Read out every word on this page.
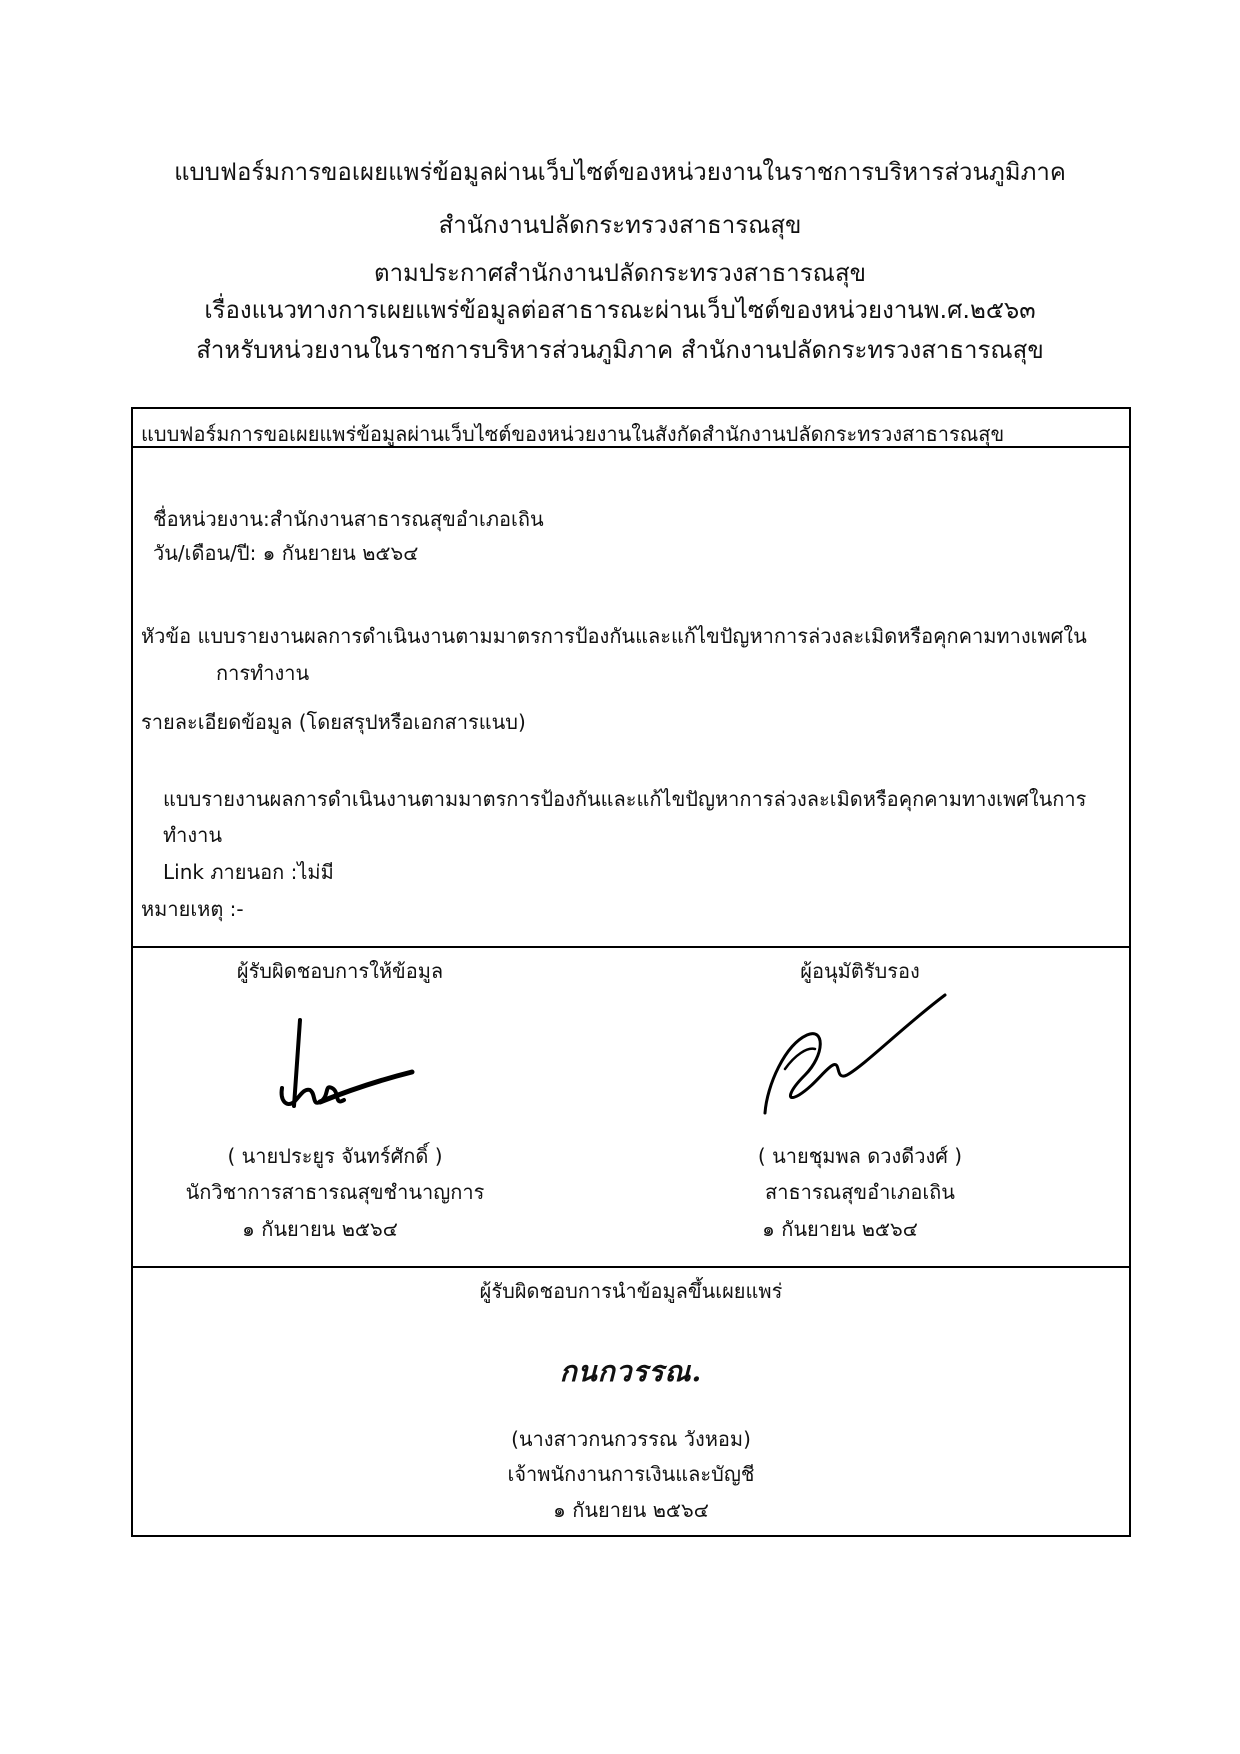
แบบฟอร์มการขอเผยแพร่ข้อมูลผ่านเว็บไซต์ของหน่วยงานในราชการบริหารส่วนภูมิภาค
สำนักงานปลัดกระทรวงสาธารณสุข
ตามประกาศสำนักงานปลัดกระทรวงสาธารณสุข
เรื่องแนวทางการเผยแพร่ข้อมูลต่อสาธารณะผ่านเว็บไซต์ของหน่วยงานพ.ศ.๒๕๖๓
สำหรับหน่วยงานในราชการบริหารส่วนภูมิภาค สำนักงานปลัดกระทรวงสาธารณสุข
แบบฟอร์มการขอเผยแพร่ข้อมูลผ่านเว็บไซต์ของหน่วยงานในสังกัดสำนักงานปลัดกระทรวงสาธารณสุข
ชื่อหน่วยงาน:สำนักงานสาธารณสุขอำเภอเถิน
วัน/เดือน/ปี: ๑ กันยายน ๒๕๖๔
หัวข้อ แบบรายงานผลการดำเนินงานตามมาตรการป้องกันและแก้ไขปัญหาการล่วงละเมิดหรือคุกคามทางเพศใน
การทำงาน
รายละเอียดข้อมูล (โดยสรุปหรือเอกสารแนบ)
แบบรายงานผลการดำเนินงานตามมาตรการป้องกันและแก้ไขปัญหาการล่วงละเมิดหรือคุกคามทางเพศในการ
ทำงาน
Link ภายนอก :ไม่มี
หมายเหตุ :-
ผู้รับผิดชอบการให้ข้อมูล
( นายประยูร จันทร์ศักดิ์ )
นักวิชาการสาธารณสุขชำนาญการ
๑ กันยายน ๒๕๖๔
ผู้อนุมัติรับรอง
( นายชุมพล ดวงดีวงศ์ )
สาธารณสุขอำเภอเถิน
๑ กันยายน ๒๕๖๔
ผู้รับผิดชอบการนำข้อมูลขึ้นเผยแพร่
กนกวรรณ.
(นางสาวกนกวรรณ วังหอม)
เจ้าพนักงานการเงินและบัญชี
๑ กันยายน ๒๕๖๔
